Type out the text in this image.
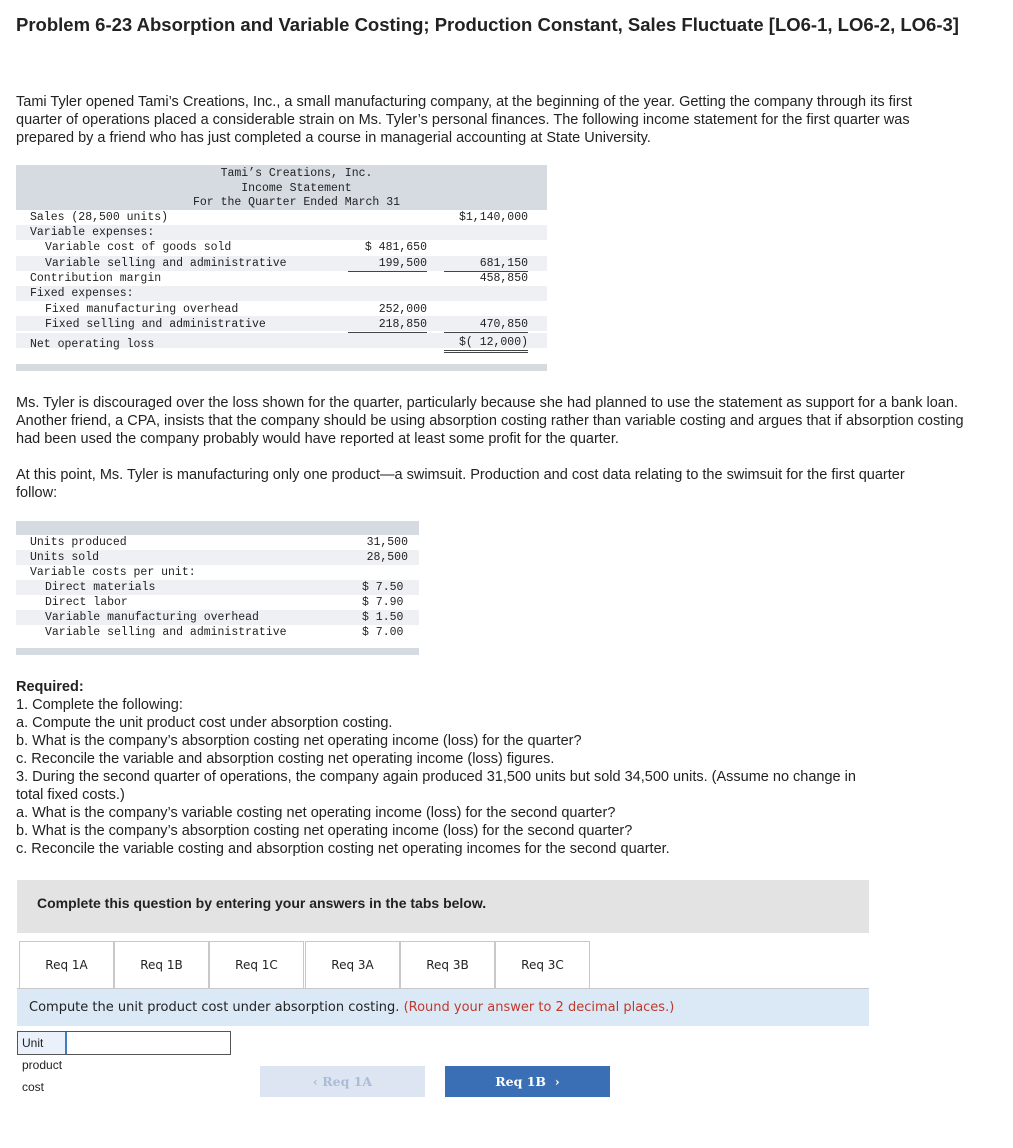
Problem 6-23 Absorption and Variable Costing; Production Constant, Sales Fluctuate [LO6-1, LO6-2, LO6-3]
Tami Tyler opened Tami’s Creations, Inc., a small manufacturing company, at the beginning of the year. Getting the company through its first quarter of operations placed a considerable strain on Ms. Tyler’s personal finances. The following income statement for the first quarter was prepared by a friend who has just completed a course in managerial accounting at State University.
Tami’s Creations, Inc.
Income Statement
For the Quarter Ended March 31
Sales (28,500 units)	$1,140,000
Variable expenses:
Variable cost of goods sold	$ 481,650
Variable selling and administrative	199,500	681,150
Contribution margin	458,850
Fixed expenses:
Fixed manufacturing overhead	252,000
Fixed selling and administrative	218,850	470,850
Net operating loss	$( 12,000)
Ms. Tyler is discouraged over the loss shown for the quarter, particularly because she had planned to use the statement as support for a bank loan. Another friend, a CPA, insists that the company should be using absorption costing rather than variable costing and argues that if absorption costing had been used the company probably would have reported at least some profit for the quarter.
At this point, Ms. Tyler is manufacturing only one product—a swimsuit. Production and cost data relating to the swimsuit for the first quarter follow:
Units produced	31,500
Units sold	28,500
Variable costs per unit:
Direct materials	$ 7.50
Direct labor	$ 7.90
Variable manufacturing overhead	$ 1.50
Variable selling and administrative	$ 7.00
Required:
1. Complete the following:
a. Compute the unit product cost under absorption costing.
b. What is the company’s absorption costing net operating income (loss) for the quarter?
c. Reconcile the variable and absorption costing net operating income (loss) figures.
3. During the second quarter of operations, the company again produced 31,500 units but sold 34,500 units. (Assume no change in
total fixed costs.)
a. What is the company’s variable costing net operating income (loss) for the second quarter?
b. What is the company’s absorption costing net operating income (loss) for the second quarter?
c. Reconcile the variable costing and absorption costing net operating incomes for the second quarter.
Complete this question by entering your answers in the tabs below.
Req 1A	Req 1B	Req 1C	Req 3A	Req 3B	Req 3C
Compute the unit product cost under absorption costing. (Round your answer to 2 decimal places.)
Unit product cost	‹ Req 1A	Req 1B  ›
